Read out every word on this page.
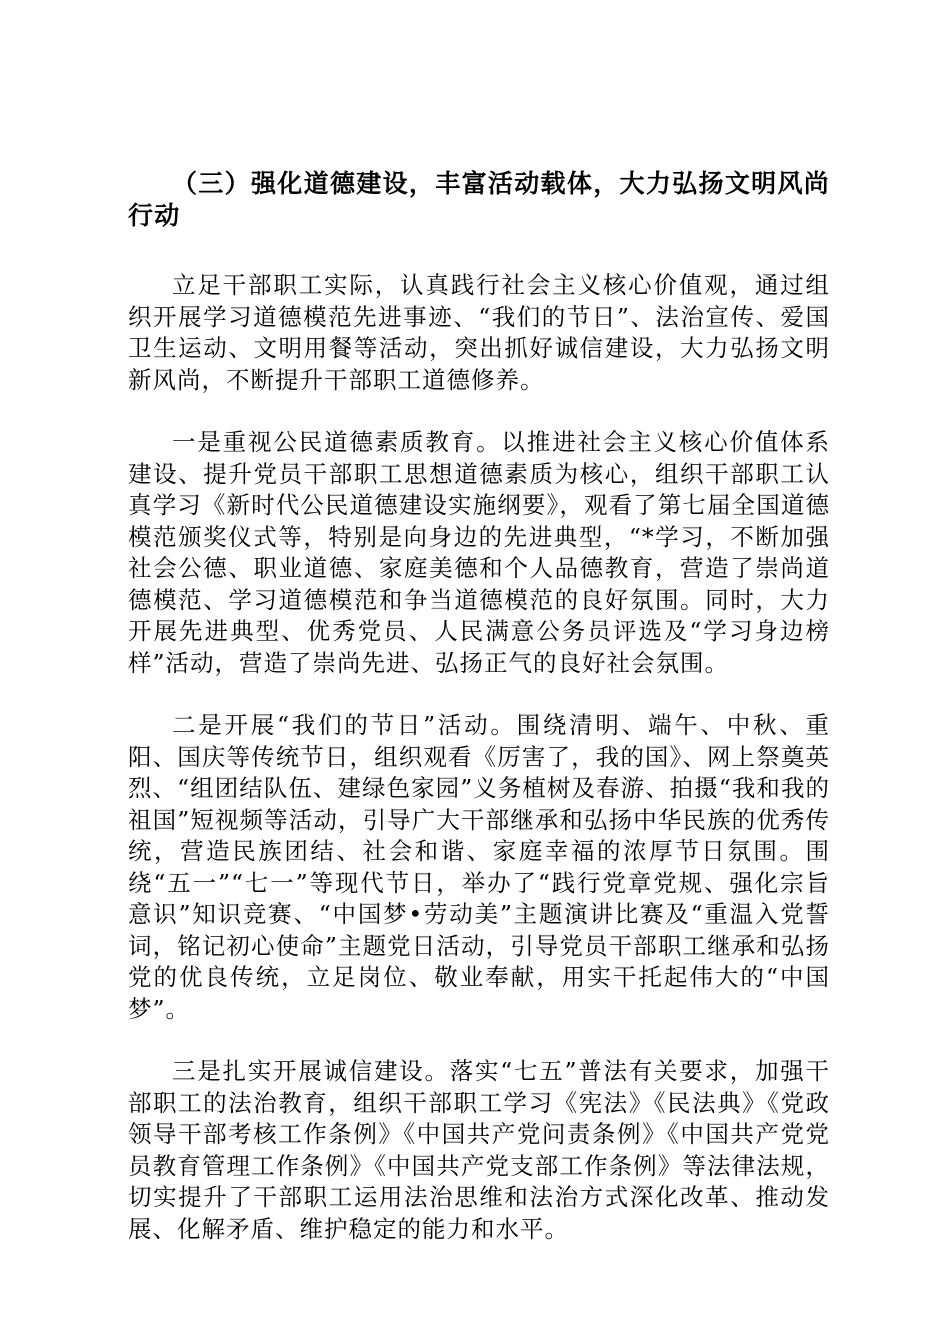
（三）强化道德建设，丰富活动载体，大力弘扬文明风尚行动

立足干部职工实际，认真践行社会主义核心价值观，通过组织开展学习道德模范先进事迹、“我们的节日”、法治宣传、爱国卫生运动、文明用餐等活动，突出抓好诚信建设，大力弘扬文明新风尚，不断提升干部职工道德修养。

一是重视公民道德素质教育。以推进社会主义核心价值体系建设、提升党员干部职工思想道德素质为核心，组织干部职工认真学习《新时代公民道德建设实施纲要》，观看了第七届全国道德模范颁奖仪式等，特别是向身边的先进典型，“*学习，不断加强社会公德、职业道德、家庭美德和个人品德教育，营造了崇尚道德模范、学习道德模范和争当道德模范的良好氛围。同时，大力开展先进典型、优秀党员、人民满意公务员评选及“学习身边榜样”活动，营造了崇尚先进、弘扬正气的良好社会氛围。

二是开展“我们的节日”活动。围绕清明、端午、中秋、重阳、国庆等传统节日，组织观看《厉害了，我的国》、网上祭奠英烈、“组团结队伍、建绿色家园”义务植树及春游、拍摄“我和我的祖国”短视频等活动，引导广大干部继承和弘扬中华民族的优秀传统，营造民族团结、社会和谐、家庭幸福的浓厚节日氛围。围绕“五一”“七一”等现代节日，举办了“践行党章党规、强化宗旨意识”知识竞赛、“中国梦•劳动美”主题演讲比赛及“重温入党誓词，铭记初心使命”主题党日活动，引导党员干部职工继承和弘扬党的优良传统，立足岗位、敬业奉献，用实干托起伟大的“中国梦”。

三是扎实开展诚信建设。落实“七五”普法有关要求，加强干部职工的法治教育，组织干部职工学习《宪法》《民法典》《党政领导干部考核工作条例》《中国共产党问责条例》《中国共产党党员教育管理工作条例》《中国共产党支部工作条例》等法律法规，切实提升了干部职工运用法治思维和法治方式深化改革、推动发展、化解矛盾、维护稳定的能力和水平。
